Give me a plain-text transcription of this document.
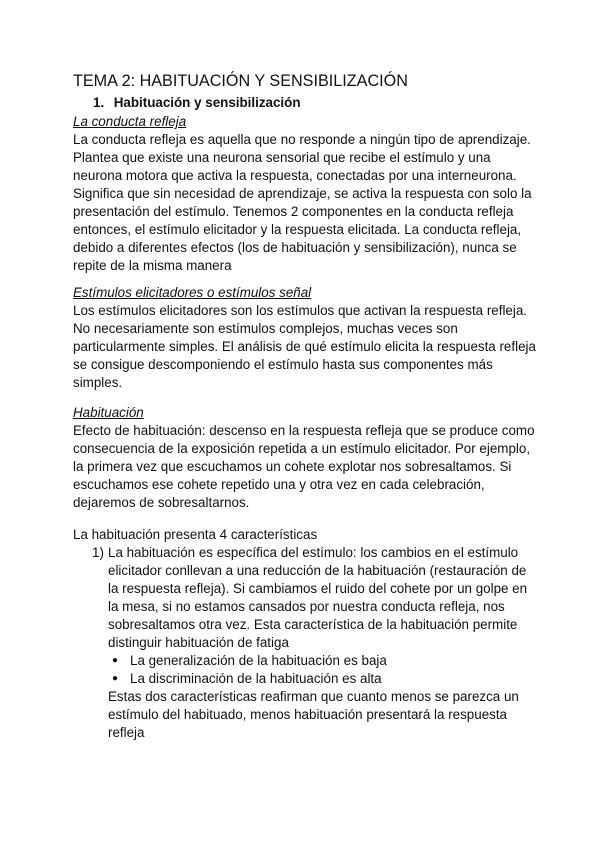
TEMA 2: HABITUACIÓN Y SENSIBILIZACIÓN
1. Habituación y sensibilización
La conducta refleja
La conducta refleja es aquella que no responde a ningún tipo de aprendizaje.
Plantea que existe una neurona sensorial que recibe el estímulo y una
neurona motora que activa la respuesta, conectadas por una interneurona.
Significa que sin necesidad de aprendizaje, se activa la respuesta con solo la
presentación del estímulo. Tenemos 2 componentes en la conducta refleja
entonces, el estímulo elicitador y la respuesta elicitada. La conducta refleja,
debido a diferentes efectos (los de habituación y sensibilización), nunca se
repite de la misma manera
Estímulos elicitadores o estímulos señal
Los estímulos elicitadores son los estímulos que activan la respuesta refleja.
No necesariamente son estímulos complejos, muchas veces son
particularmente simples. El análisis de qué estímulo elicita la respuesta refleja
se consigue descomponiendo el estímulo hasta sus componentes más
simples.
Habituación
Efecto de habituación: descenso en la respuesta refleja que se produce como
consecuencia de la exposición repetida a un estímulo elicitador. Por ejemplo,
la primera vez que escuchamos un cohete explotar nos sobresaltamos. Si
escuchamos ese cohete repetido una y otra vez en cada celebración,
dejaremos de sobresaltarnos.
La habituación presenta 4 características
1) La habituación es específica del estímulo: los cambios en el estímulo
elicitador conllevan a una reducción de la habituación (restauración de
la respuesta refleja). Si cambiamos el ruido del cohete por un golpe en
la mesa, si no estamos cansados por nuestra conducta refleja, nos
sobresaltamos otra vez. Esta característica de la habituación permite
distinguir habituación de fatiga
● La generalización de la habituación es baja
● La discriminación de la habituación es alta
Estas dos características reafirman que cuanto menos se parezca un
estímulo del habituado, menos habituación presentará la respuesta
refleja
